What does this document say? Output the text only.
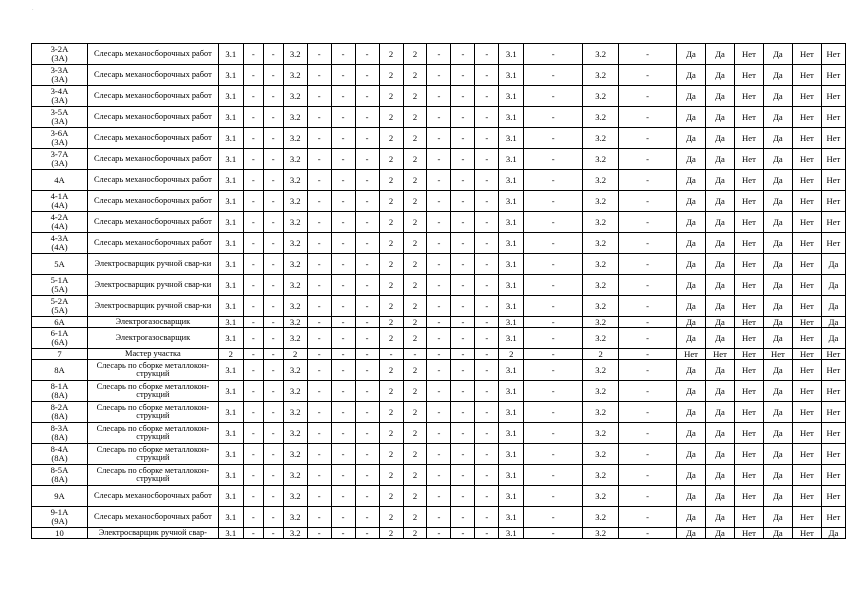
·
3-2А
(3А)	Слесарь механосборочных работ	3.1	-	-	3.2	-	-	-	2	2	-	-	-	3.1	-	3.2	-	Да	Да	Нет	Да	Нет	Нет
3-3А
(3А)	Слесарь механосборочных работ	3.1	-	-	3.2	-	-	-	2	2	-	-	-	3.1	-	3.2	-	Да	Да	Нет	Да	Нет	Нет
3-4А
(3А)	Слесарь механосборочных работ	3.1	-	-	3.2	-	-	-	2	2	-	-	-	3.1	-	3.2	-	Да	Да	Нет	Да	Нет	Нет
3-5А
(3А)	Слесарь механосборочных работ	3.1	-	-	3.2	-	-	-	2	2	-	-	-	3.1	-	3.2	-	Да	Да	Нет	Да	Нет	Нет
3-6А
(3А)	Слесарь механосборочных работ	3.1	-	-	3.2	-	-	-	2	2	-	-	-	3.1	-	3.2	-	Да	Да	Нет	Да	Нет	Нет
3-7А
(3А)	Слесарь механосборочных работ	3.1	-	-	3.2	-	-	-	2	2	-	-	-	3.1	-	3.2	-	Да	Да	Нет	Да	Нет	Нет
4А	Слесарь механосборочных работ	3.1	-	-	3.2	-	-	-	2	2	-	-	-	3.1	-	3.2	-	Да	Да	Нет	Да	Нет	Нет
4-1А
(4А)	Слесарь механосборочных работ	3.1	-	-	3.2	-	-	-	2	2	-	-	-	3.1	-	3.2	-	Да	Да	Нет	Да	Нет	Нет
4-2А
(4А)	Слесарь механосборочных работ	3.1	-	-	3.2	-	-	-	2	2	-	-	-	3.1	-	3.2	-	Да	Да	Нет	Да	Нет	Нет
4-3А
(4А)	Слесарь механосборочных работ	3.1	-	-	3.2	-	-	-	2	2	-	-	-	3.1	-	3.2	-	Да	Да	Нет	Да	Нет	Нет
5А	Электросварщик ручной свар-ки	3.1	-	-	3.2	-	-	-	2	2	-	-	-	3.1	-	3.2	-	Да	Да	Нет	Да	Нет	Да
5-1А
(5А)	Электросварщик ручной свар-ки	3.1	-	-	3.2	-	-	-	2	2	-	-	-	3.1	-	3.2	-	Да	Да	Нет	Да	Нет	Да
5-2А
(5А)	Электросварщик ручной свар-ки	3.1	-	-	3.2	-	-	-	2	2	-	-	-	3.1	-	3.2	-	Да	Да	Нет	Да	Нет	Да
6А	Электрогазосварщик	3.1	-	-	3.2	-	-	-	2	2	-	-	-	3.1	-	3.2	-	Да	Да	Нет	Да	Нет	Да
6-1А
(6А)	Электрогазосварщик	3.1	-	-	3.2	-	-	-	2	2	-	-	-	3.1	-	3.2	-	Да	Да	Нет	Да	Нет	Да
7	Мастер участка	2	-	-	2	-	-	-	-	-	-	-	-	2	-	2	-	Нет	Нет	Нет	Нет	Нет	Нет
8А	Слесарь по сборке металлокон-струкций	3.1	-	-	3.2	-	-	-	2	2	-	-	-	3.1	-	3.2	-	Да	Да	Нет	Да	Нет	Нет
8-1А
(8А)	Слесарь по сборке металлокон-струкций	3.1	-	-	3.2	-	-	-	2	2	-	-	-	3.1	-	3.2	-	Да	Да	Нет	Да	Нет	Нет
8-2А
(8А)	Слесарь по сборке металлокон-струкций	3.1	-	-	3.2	-	-	-	2	2	-	-	-	3.1	-	3.2	-	Да	Да	Нет	Да	Нет	Нет
8-3А
(8А)	Слесарь по сборке металлокон-струкций	3.1	-	-	3.2	-	-	-	2	2	-	-	-	3.1	-	3.2	-	Да	Да	Нет	Да	Нет	Нет
8-4А
(8А)	Слесарь по сборке металлокон-струкций	3.1	-	-	3.2	-	-	-	2	2	-	-	-	3.1	-	3.2	-	Да	Да	Нет	Да	Нет	Нет
8-5А
(8А)	Слесарь по сборке металлокон-струкций	3.1	-	-	3.2	-	-	-	2	2	-	-	-	3.1	-	3.2	-	Да	Да	Нет	Да	Нет	Нет
9А	Слесарь механосборочных работ	3.1	-	-	3.2	-	-	-	2	2	-	-	-	3.1	-	3.2	-	Да	Да	Нет	Да	Нет	Нет
9-1А
(9А)	Слесарь механосборочных работ	3.1	-	-	3.2	-	-	-	2	2	-	-	-	3.1	-	3.2	-	Да	Да	Нет	Да	Нет	Нет
10	Электросварщик ручной свар-	3.1	-	-	3.2	-	-	-	2	2	-	-	-	3.1	-	3.2	-	Да	Да	Нет	Да	Нет	Да
